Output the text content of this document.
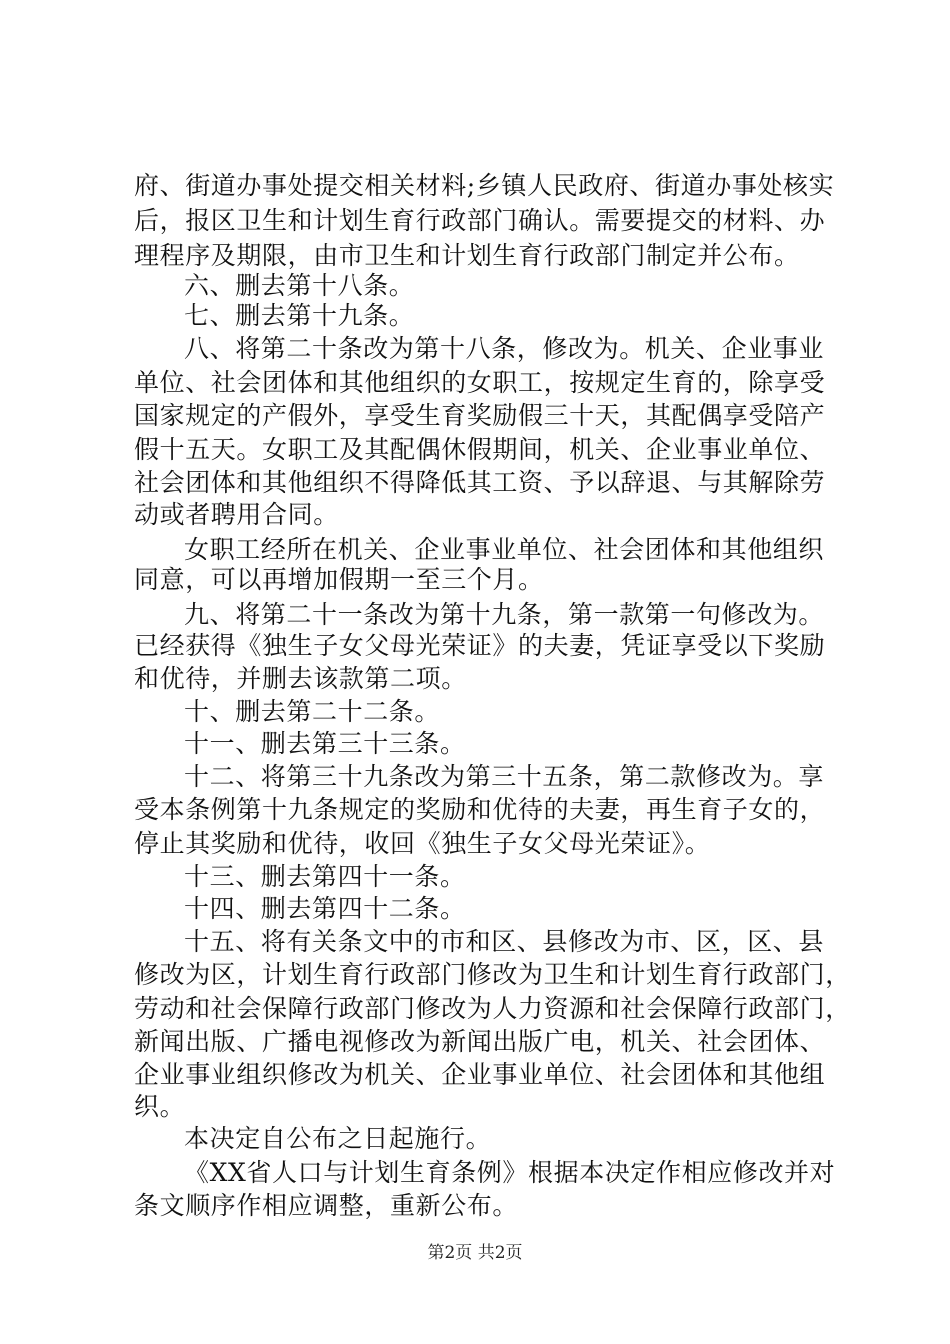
府、街道办事处提交相关材料;乡镇人民政府、街道办事处核实
后，报区卫生和计划生育行政部门确认。需要提交的材料、办
理程序及期限，由市卫生和计划生育行政部门制定并公布。
六、删去第十八条。
七、删去第十九条。
八、将第二十条改为第十八条，修改为。机关、企业事业
单位、社会团体和其他组织的女职工，按规定生育的，除享受
国家规定的产假外，享受生育奖励假三十天，其配偶享受陪产
假十五天。女职工及其配偶休假期间，机关、企业事业单位、
社会团体和其他组织不得降低其工资、予以辞退、与其解除劳
动或者聘用合同。
女职工经所在机关、企业事业单位、社会团体和其他组织
同意，可以再增加假期一至三个月。
九、将第二十一条改为第十九条，第一款第一句修改为。
已经获得《独生子女父母光荣证》的夫妻，凭证享受以下奖励
和优待，并删去该款第二项。
十、删去第二十二条。
十一、删去第三十三条。
十二、将第三十九条改为第三十五条，第二款修改为。享
受本条例第十九条规定的奖励和优待的夫妻，再生育子女的，
停止其奖励和优待，收回《独生子女父母光荣证》。
十三、删去第四十一条。
十四、删去第四十二条。
十五、将有关条文中的市和区、县修改为市、区，区、县
修改为区，计划生育行政部门修改为卫生和计划生育行政部门，
劳动和社会保障行政部门修改为人力资源和社会保障行政部门，
新闻出版、广播电视修改为新闻出版广电，机关、社会团体、
企业事业组织修改为机关、企业事业单位、社会团体和其他组
织。
本决定自公布之日起施行。
《XX省人口与计划生育条例》根据本决定作相应修改并对
条文顺序作相应调整，重新公布。
第2页 共2页
